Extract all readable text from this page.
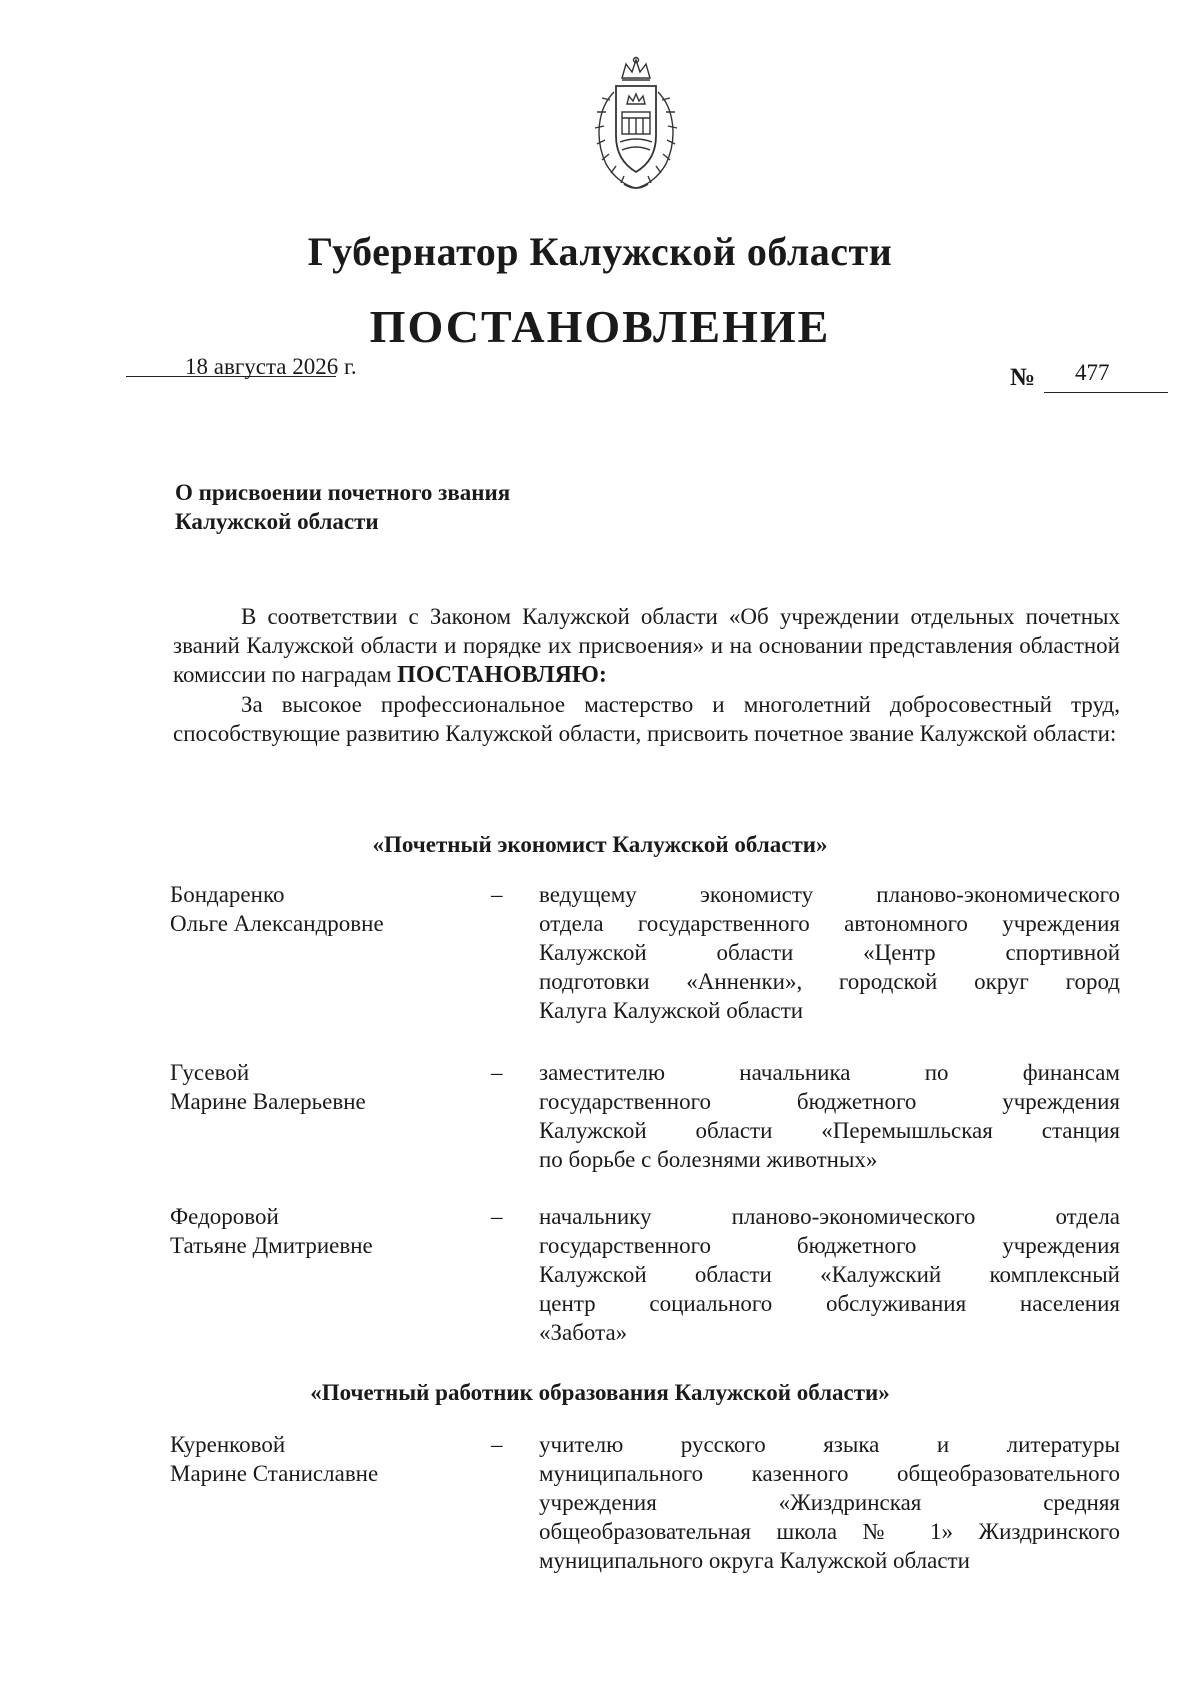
Губернатор Калужской области
ПОСТАНОВЛЕНИЕ
18 августа 2026 г.	№ 477
О присвоении почетного звания
Калужской области

В соответствии с Законом Калужской области «Об учреждении отдельных почетных званий Калужской области и порядке их присвоения» и на основании представления областной комиссии по наградам ПОСТАНОВЛЯЮ:

За высокое профессиональное мастерство и многолетний добросовестный труд, способствующие развитию Калужской области, присвоить почетное звание Калужской области:

«Почетный экономист Калужской области»
Бондаренко
Ольге Александровне
–	ведущему экономисту планово-экономического
отдела государственного автономного учреждения
Калужской области «Центр спортивной
подготовки «Анненки», городской округ город
Калуга Калужской области
Гусевой
Марине Валерьевне
–	заместителю начальника по финансам
государственного бюджетного учреждения
Калужской области «Перемышльская станция
по борьбе с болезнями животных»
Федоровой
Татьяне Дмитриевне
–	начальнику планово-экономического отдела
государственного бюджетного учреждения
Калужской области «Калужский комплексный
центр социального обслуживания населения
«Забота»
«Почетный работник образования Калужской области»
Куренковой
Марине Станиславне
–	учителю русского языка и литературы
муниципального казенного общеобразовательного
учреждения «Жиздринская средняя
общеобразовательная школа № 1» Жиздринского
муниципального округа Калужской области
